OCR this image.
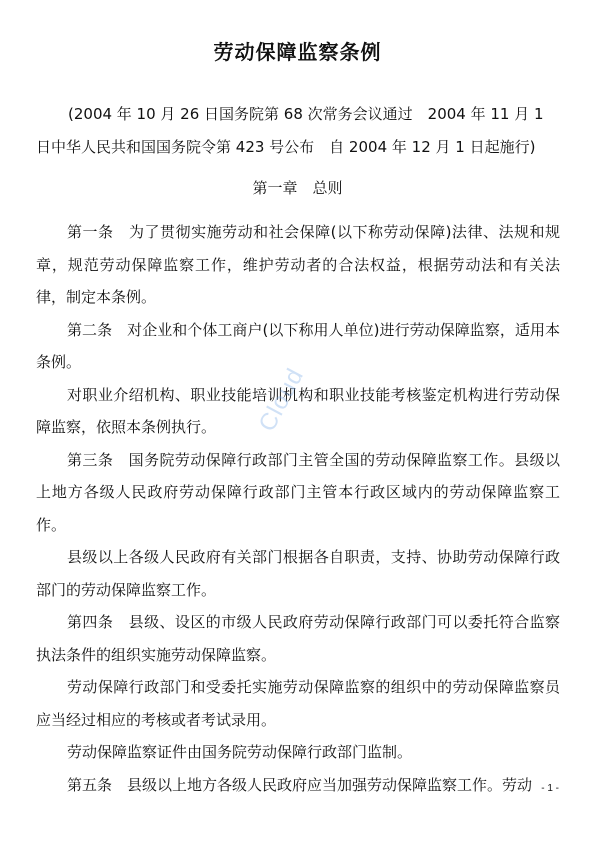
劳动保障监察条例

(2004 年 10 月 26 日国务院第 68 次常务会议通过　2004 年 11 月 1 日中华人民共和国国务院令第 423 号公布　自 2004 年 12 月 1 日起施行)

第一章　总则

第一条　为了贯彻实施劳动和社会保障(以下称劳动保障)法律、法规和规章，规范劳动保障监察工作，维护劳动者的合法权益，根据劳动法和有关法律，制定本条例。

第二条　对企业和个体工商户(以下称用人单位)进行劳动保障监察，适用本条例。

对职业介绍机构、职业技能培训机构和职业技能考核鉴定机构进行劳动保障监察，依照本条例执行。

第三条　国务院劳动保障行政部门主管全国的劳动保障监察工作。县级以上地方各级人民政府劳动保障行政部门主管本行政区域内的劳动保障监察工作。

县级以上各级人民政府有关部门根据各自职责，支持、协助劳动保障行政部门的劳动保障监察工作。

第四条　县级、设区的市级人民政府劳动保障行政部门可以委托符合监察执法条件的组织实施劳动保障监察。

劳动保障行政部门和受委托实施劳动保障监察的组织中的劳动保障监察员应当经过相应的考核或者考试录用。

劳动保障监察证件由国务院劳动保障行政部门监制。

第五条　县级以上地方各级人民政府应当加强劳动保障监察工作。劳动

Cloud
- 1 -
